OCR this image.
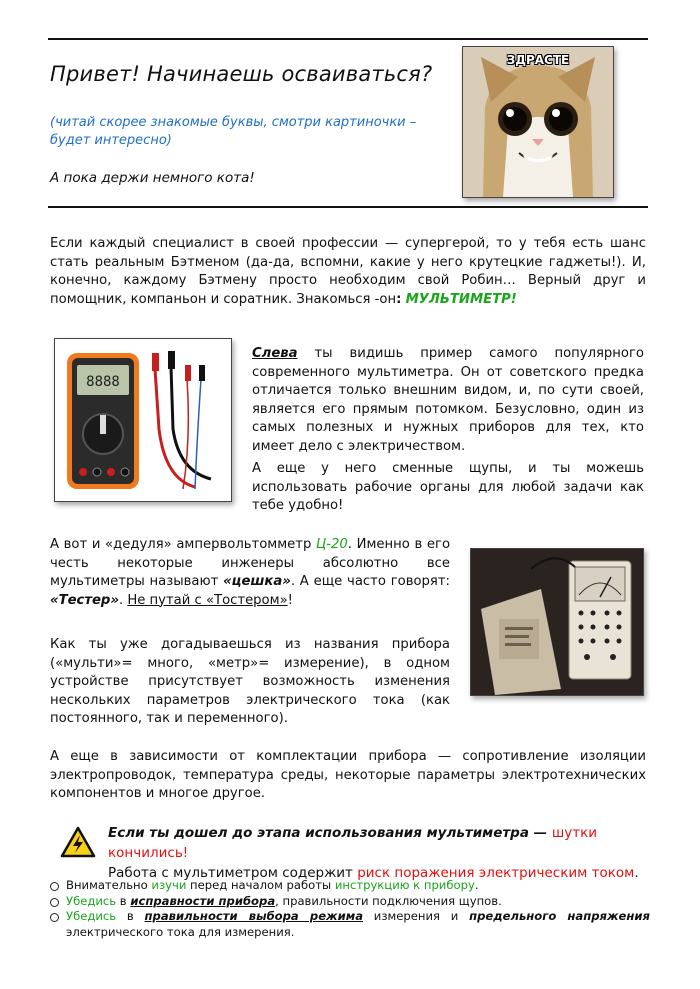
Привет! Начинаешь осваиваться?
(читай скорее знакомые буквы, смотри картиночки – будет интересно)
А пока держи немного кота!
ЗДРАСТЕ
Если каждый специалист в своей профессии — супергерой, то у тебя есть шанс стать реальным Бэтменом (да-да, вспомни, какие у него крутецкие гаджеты!). И, конечно, каждому Бэтмену просто необходим свой Робин… Верный друг и помощник, компаньон и соратник. Знакомься -он: МУЛЬТИМЕТР!
8888
Слева ты видишь пример самого популярного современного мультиметра. Он от советского предка отличается только внешним видом, и, по сути своей, является его прямым потомком. Безусловно, один из самых полезных и нужных приборов для тех, кто имеет дело с электричеством.
А еще у него сменные щупы, и ты можешь использовать рабочие органы для любой задачи как тебе удобно!
А вот и «дедуля» ампервольтомметр Ц-20. Именно в его честь некоторые инженеры абсолютно все мультиметры называют «цешка». А еще часто говорят: «Тестер». Не путай с «Тостером»!
Как ты уже догадываешься из названия прибора («мульти»= много, «метр»= измерение), в одном устройстве присутствует возможность изменения нескольких параметров электрического тока (как постоянного, так и переменного).
А еще в зависимости от комплектации прибора — сопротивление изоляции электропроводок, температура среды, некоторые параметры электротехнических компонентов и многое другое.
Если ты дошел до этапа использования мультиметра — шутки кончились!
Работа с мультиметром содержит риск поражения электрическим током.
Внимательно изучи перед началом работы инструкцию к прибору.
Убедись в исправности прибора, правильности подключения щупов.
Убедись в правильности выбора режима измерения и предельного напряжения электрического тока для измерения.
